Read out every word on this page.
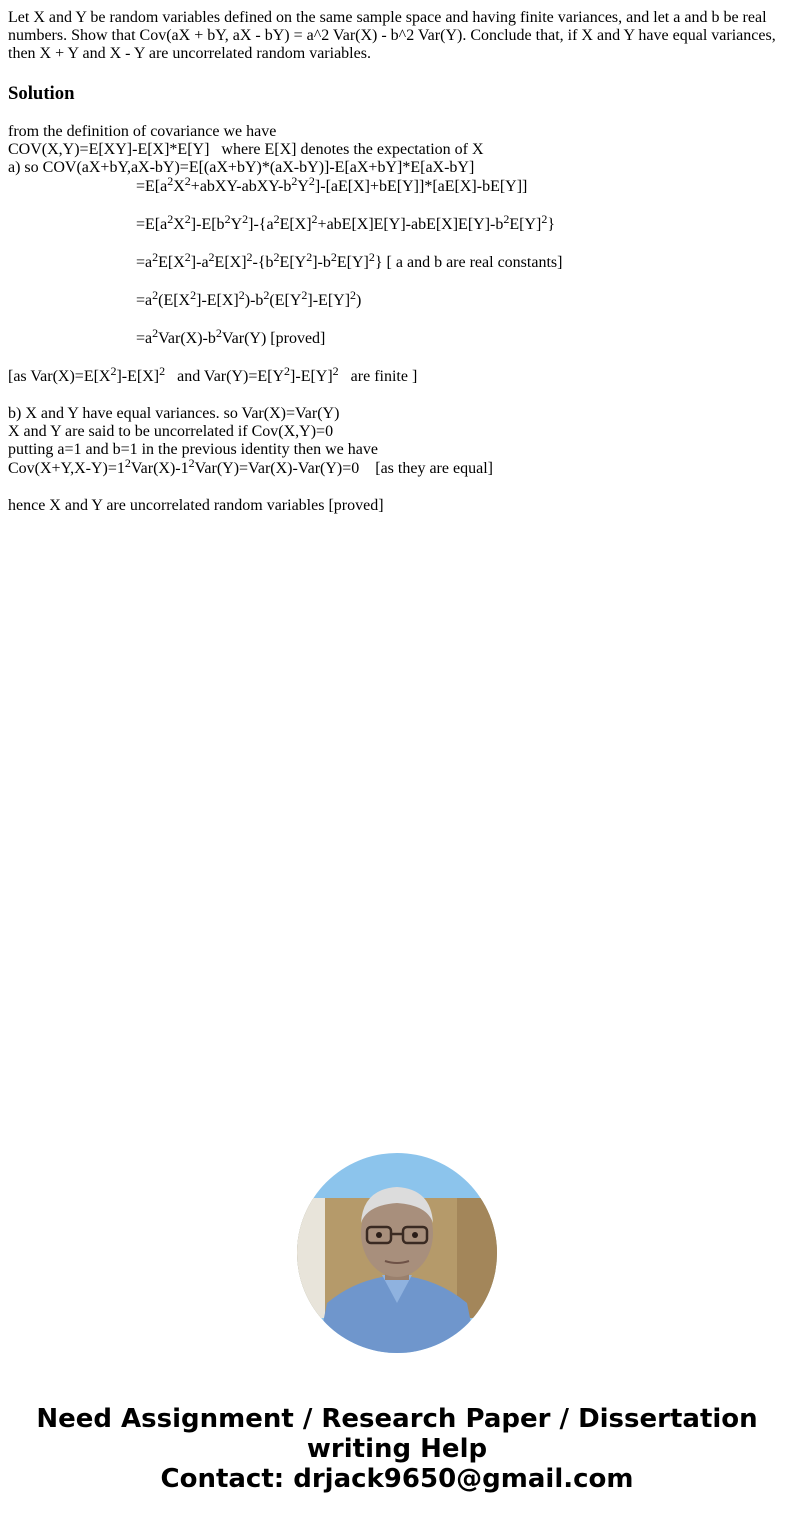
Let X and Y be random variables defined on the same sample space and having finite variances, and let a and b be real numbers. Show that Cov(aX + bY, aX - bY) = a^2 Var(X) - b^2 Var(Y). Conclude that, if X and Y have equal variances, then X + Y and X - Y are uncorrelated random variables.

Solution

from the definition of covariance we have

COV(X,Y)=E[XY]-E[X]*E[Y]   where E[X] denotes the expectation of X

a) so COV(aX+bY,aX-bY)=E[(aX+bY)*(aX-bY)]-E[aX+bY]*E[aX-bY]

$=E[a^2X^2+abXY-abXY-b^2Y^2]-[aE[X]+bE[Y]]*[aE[X]-bE[Y]]$

$=E[a^2X^2]-E[b^2Y^2]-\{a^2E[X]^2+abE[X]E[Y]-abE[X]E[Y]-b^2E[Y]^2\}$

$=a^2E[X^2]-a^2E[X]^2-\{b^2E[Y^2]-b^2E[Y]^2\}$ [ a and b are real constants]

$=a^2(E[X^2]-E[X]^2)-b^2(E[Y^2]-E[Y]^2)$

$=a^2Var(X)-b^2Var(Y)$ [proved]

[as $Var(X)=E[X^2]-E[X]^2$   and $Var(Y)=E[Y^2]-E[Y]^2$   are finite ]

b) X and Y have equal variances. so Var(X)=Var(Y)

X and Y are said to be uncorrelated if Cov(X,Y)=0

putting a=1 and b=1 in the previous identity then we have

$Cov(X+Y,X-Y)=1^2Var(X)-1^2Var(Y)=Var(X)-Var(Y)=0$    [as they are equal]

hence X and Y are uncorrelated random variables [proved]

Need Assignment / Research Paper / Dissertation
writing Help
Contact: drjack9650@gmail.com
